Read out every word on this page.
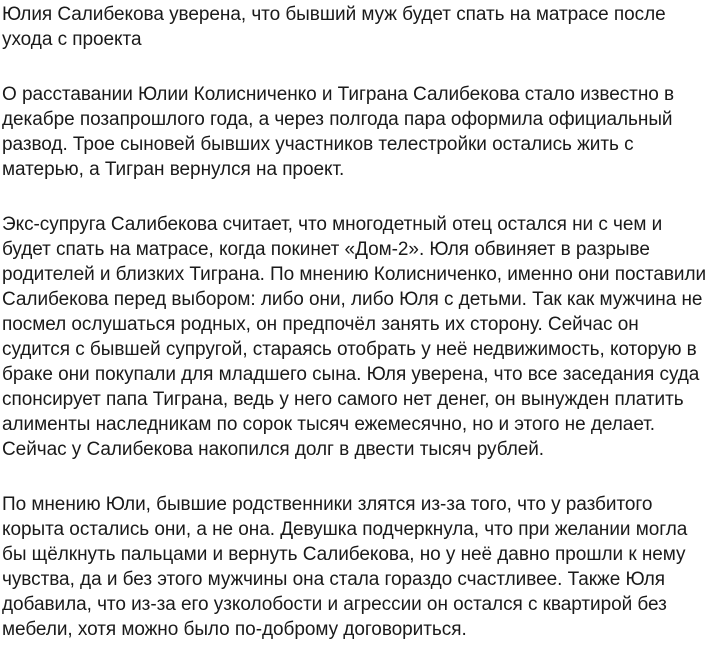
Юлия Салибекова уверена, что бывший муж будет спать на матрасе после ухода с проекта

О расставании Юлии Колисниченко и Тиграна Салибекова стало известно в декабре позапрошлого года, а через полгода пара оформила официальный развод. Трое сыновей бывших участников телестройки остались жить с матерью, а Тигран вернулся на проект.

Экс-супруга Салибекова считает, что многодетный отец остался ни с чем и будет спать на матрасе, когда покинет «Дом-2». Юля обвиняет в разрыве родителей и близких Тиграна. По мнению Колисниченко, именно они поставили Салибекова перед выбором: либо они, либо Юля с детьми. Так как мужчина не посмел ослушаться родных, он предпочёл занять их сторону. Сейчас он судится с бывшей супругой, стараясь отобрать у неё недвижимость, которую в браке они покупали для младшего сына. Юля уверена, что все заседания суда спонсирует папа Тиграна, ведь у него самого нет денег, он вынужден платить алименты наследникам по сорок тысяч ежемесячно, но и этого не делает. Сейчас у Салибекова накопился долг в двести тысяч рублей.

По мнению Юли, бывшие родственники злятся из-за того, что у разбитого корыта остались они, а не она. Девушка подчеркнула, что при желании могла бы щёлкнуть пальцами и вернуть Салибекова, но у неё давно прошли к нему чувства, да и без этого мужчины она стала гораздо счастливее. Также Юля добавила, что из-за его узколобости и агрессии он остался с квартирой без мебели, хотя можно было по-доброму договориться.
